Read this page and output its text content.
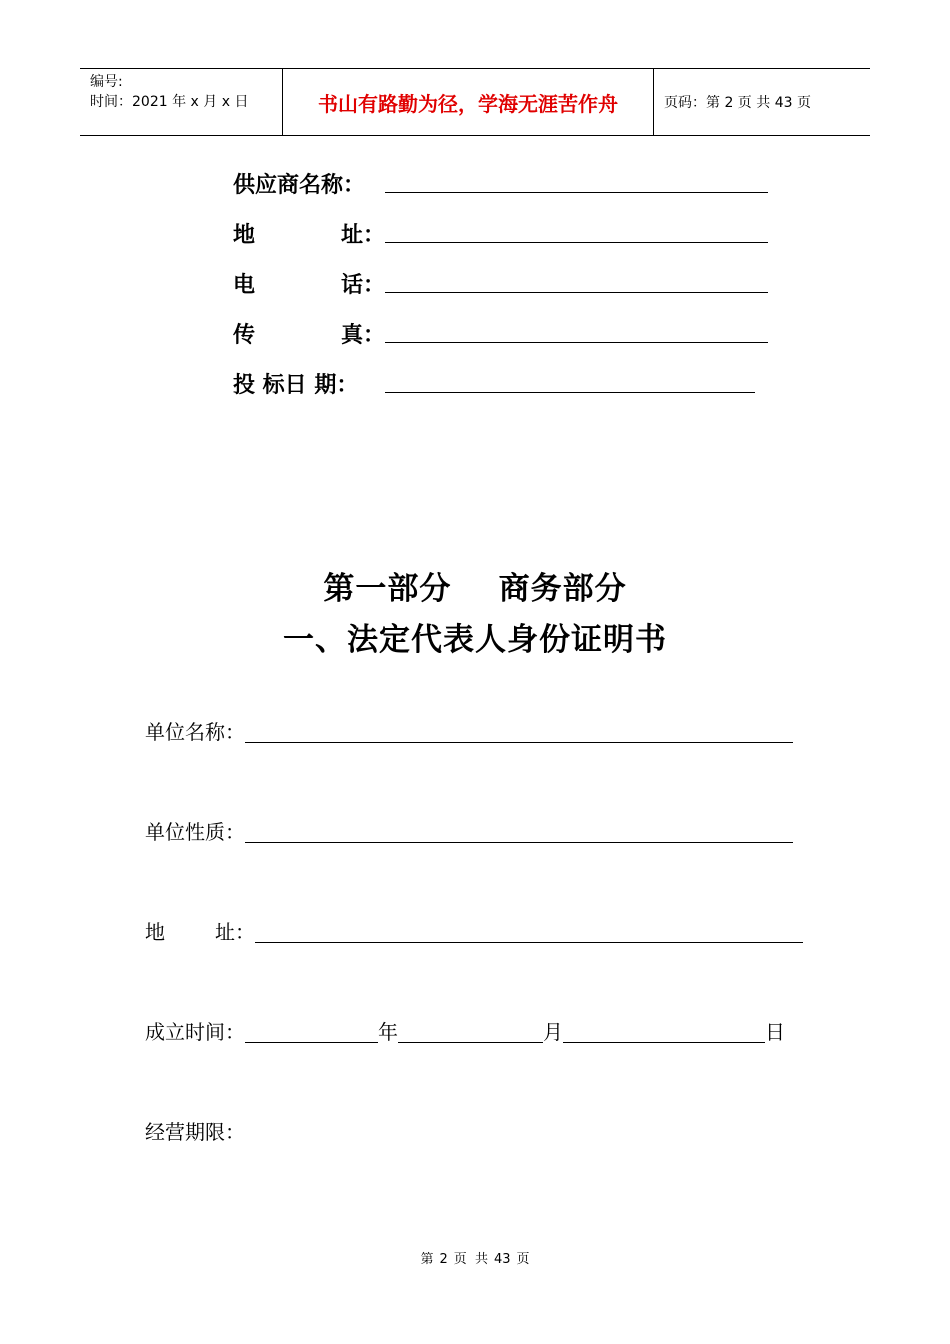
编号:
时间：2021 年 x 月 x 日	书山有路勤为径，学海无涯苦作舟	页码：第 2 页 共 43 页
供应商名称：
地	址：
电	话：
传	真：
投 标日 期：
第一部分    商务部分
一、法定代表人身份证明书
单位名称：
单位性质：
地	址：
成立时间：	年	月	日
经营期限：
第 2 页  共 43 页
